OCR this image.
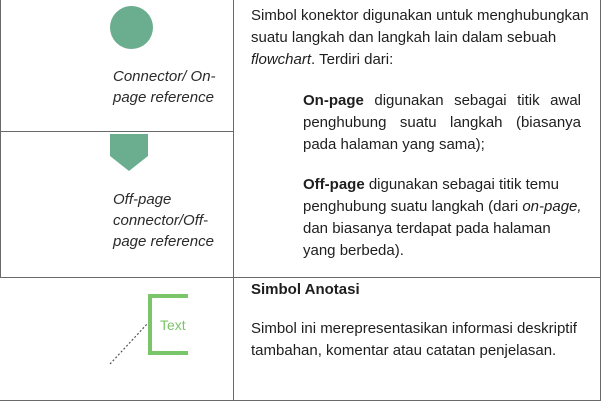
Connector/ On-
page reference
Simbol konektor digunakan untuk menghubungkan suatu langkah dan langkah lain dalam sebuah flowchart. Terdiri dari:
On-page digunakan sebagai titik awal penghubung suatu langkah (biasanya pada halaman yang sama);
Off-page digunakan sebagai titik temu penghubung suatu langkah (dari on-page, dan biasanya terdapat pada halaman yang berbeda).
Off-page
connector/Off-
page reference
Text
Simbol Anotasi
Simbol ini merepresentasikan informasi deskriptif tambahan, komentar atau catatan penjelasan.
